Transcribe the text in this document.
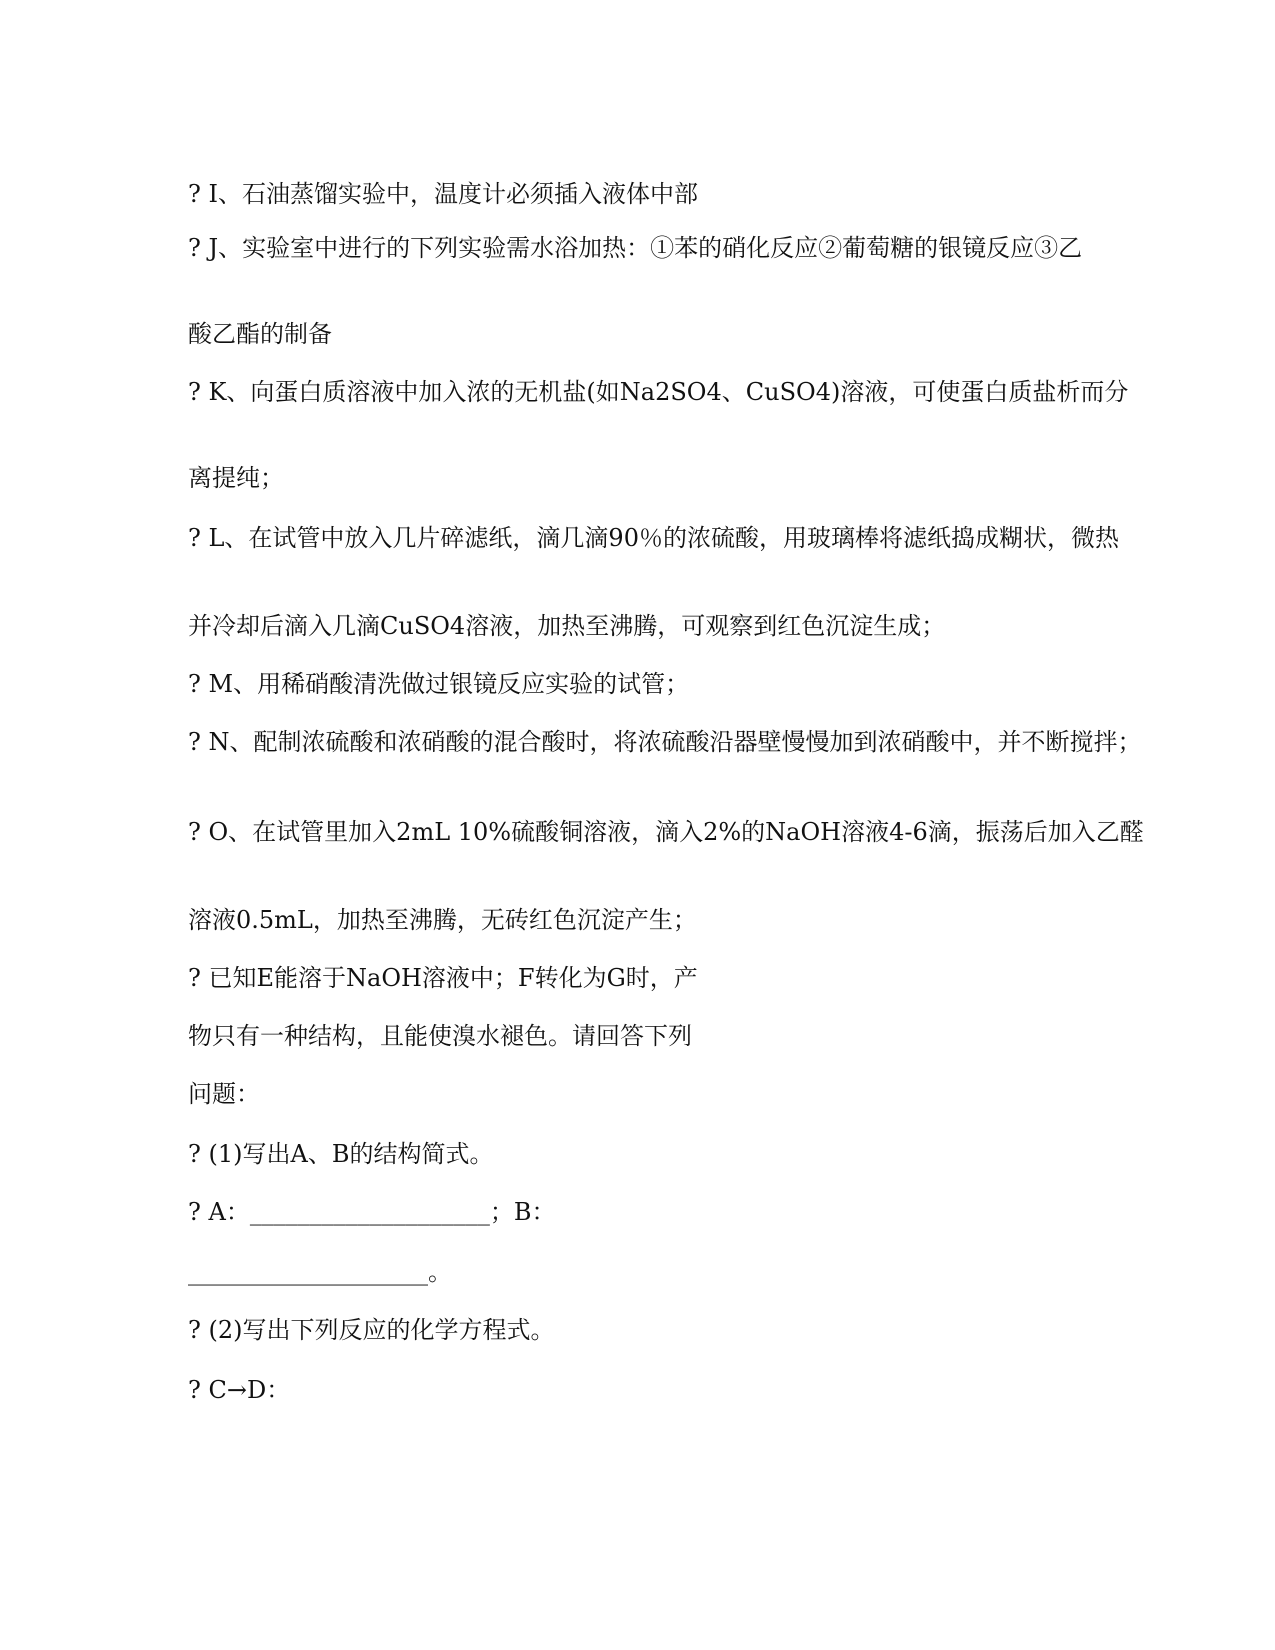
? I、石油蒸馏实验中，温度计必须插入液体中部

? J、实验室中进行的下列实验需水浴加热：①苯的硝化反应②葡萄糖的银镜反应③乙

酸乙酯的制备

? K、向蛋白质溶液中加入浓的无机盐(如Na2SO4、CuSO4)溶液，可使蛋白质盐析而分

离提纯；

? L、在试管中放入几片碎滤纸，滴几滴90％的浓硫酸，用玻璃棒将滤纸捣成糊状，微热

并冷却后滴入几滴CuSO4溶液，加热至沸腾，可观察到红色沉淀生成；

? M、用稀硝酸清洗做过银镜反应实验的试管；

? N、配制浓硫酸和浓硝酸的混合酸时，将浓硫酸沿器壁慢慢加到浓硝酸中，并不断搅拌；

? O、在试管里加入2mL 10%硫酸铜溶液，滴入2%的NaOH溶液4-6滴，振荡后加入乙醛

溶液0.5mL，加热至沸腾，无砖红色沉淀产生；

? 已知E能溶于NaOH溶液中；F转化为G时，产

物只有一种结构，且能使溴水褪色。请回答下列

问题：

? (1)写出A、B的结构简式。

? A：____________________；B：

____________________。

? (2)写出下列反应的化学方程式。

? C→D：
